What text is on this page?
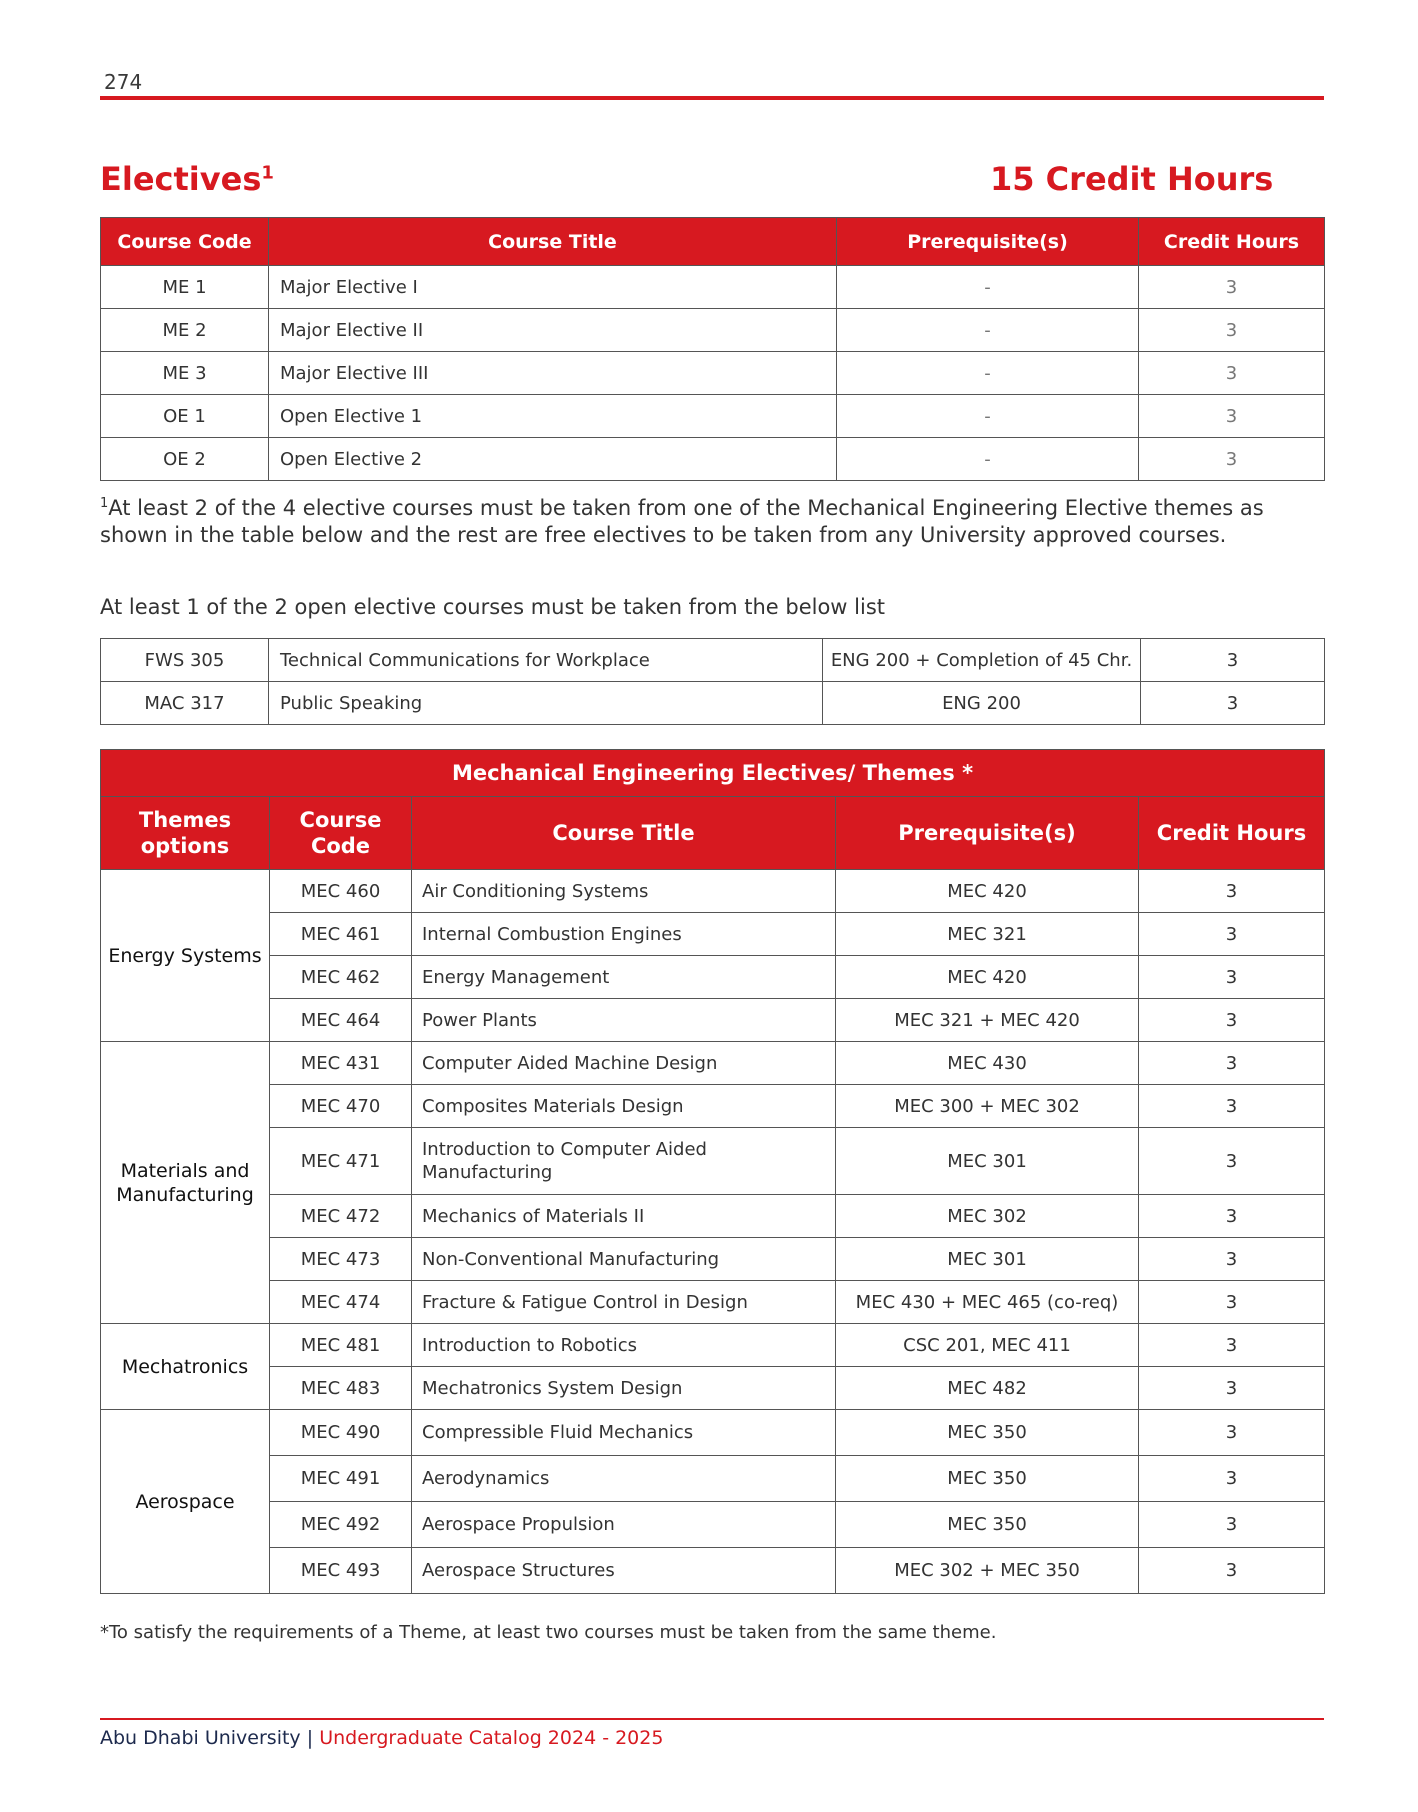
274
Electives$^1$	15 Credit Hours
Course Code	Course Title	Prerequisite(s)	Credit Hours
ME 1	Major Elective I	-	3
ME 2	Major Elective II	-	3
ME 3	Major Elective III	-	3
OE 1	Open Elective 1	-	3
OE 2	Open Elective 2	-	3
$^1$At least 2 of the 4 elective courses must be taken from one of the Mechanical Engineering Elective themes as shown in the table below and the rest are free electives to be taken from any University approved courses.
At least 1 of the 2 open elective courses must be taken from the below list
FWS 305	Technical Communications for Workplace	ENG 200 + Completion of 45 Chr.	3
MAC 317	Public Speaking	ENG 200	3
Mechanical Engineering Electives/ Themes *				
Themes options	Course Code	Course Title	Prerequisite(s)	Credit Hours
Energy Systems	MEC 460	Air Conditioning Systems	MEC 420	3
	MEC 461	Internal Combustion Engines	MEC 321	3
	MEC 462	Energy Management	MEC 420	3
	MEC 464	Power Plants	MEC 321 + MEC 420	3
Materials and Manufacturing	MEC 431	Computer Aided Machine Design	MEC 430	3
	MEC 470	Composites Materials Design	MEC 300 + MEC 302	3
	MEC 471	Introduction to Computer Aided Manufacturing	MEC 301	3
	MEC 472	Mechanics of Materials II	MEC 302	3
	MEC 473	Non-Conventional Manufacturing	MEC 301	3
	MEC 474	Fracture & Fatigue Control in Design	MEC 430 + MEC 465 (co-req)	3
Mechatronics	MEC 481	Introduction to Robotics	CSC 201, MEC 411	3
	MEC 483	Mechatronics System Design	MEC 482	3
Aerospace	MEC 490	Compressible Fluid Mechanics	MEC 350	3
	MEC 491	Aerodynamics	MEC 350	3
	MEC 492	Aerospace Propulsion	MEC 350	3
	MEC 493	Aerospace Structures	MEC 302 + MEC 350	3
*To satisfy the requirements of a Theme, at least two courses must be taken from the same theme.
Abu Dhabi University | Undergraduate Catalog 2024 - 2025
